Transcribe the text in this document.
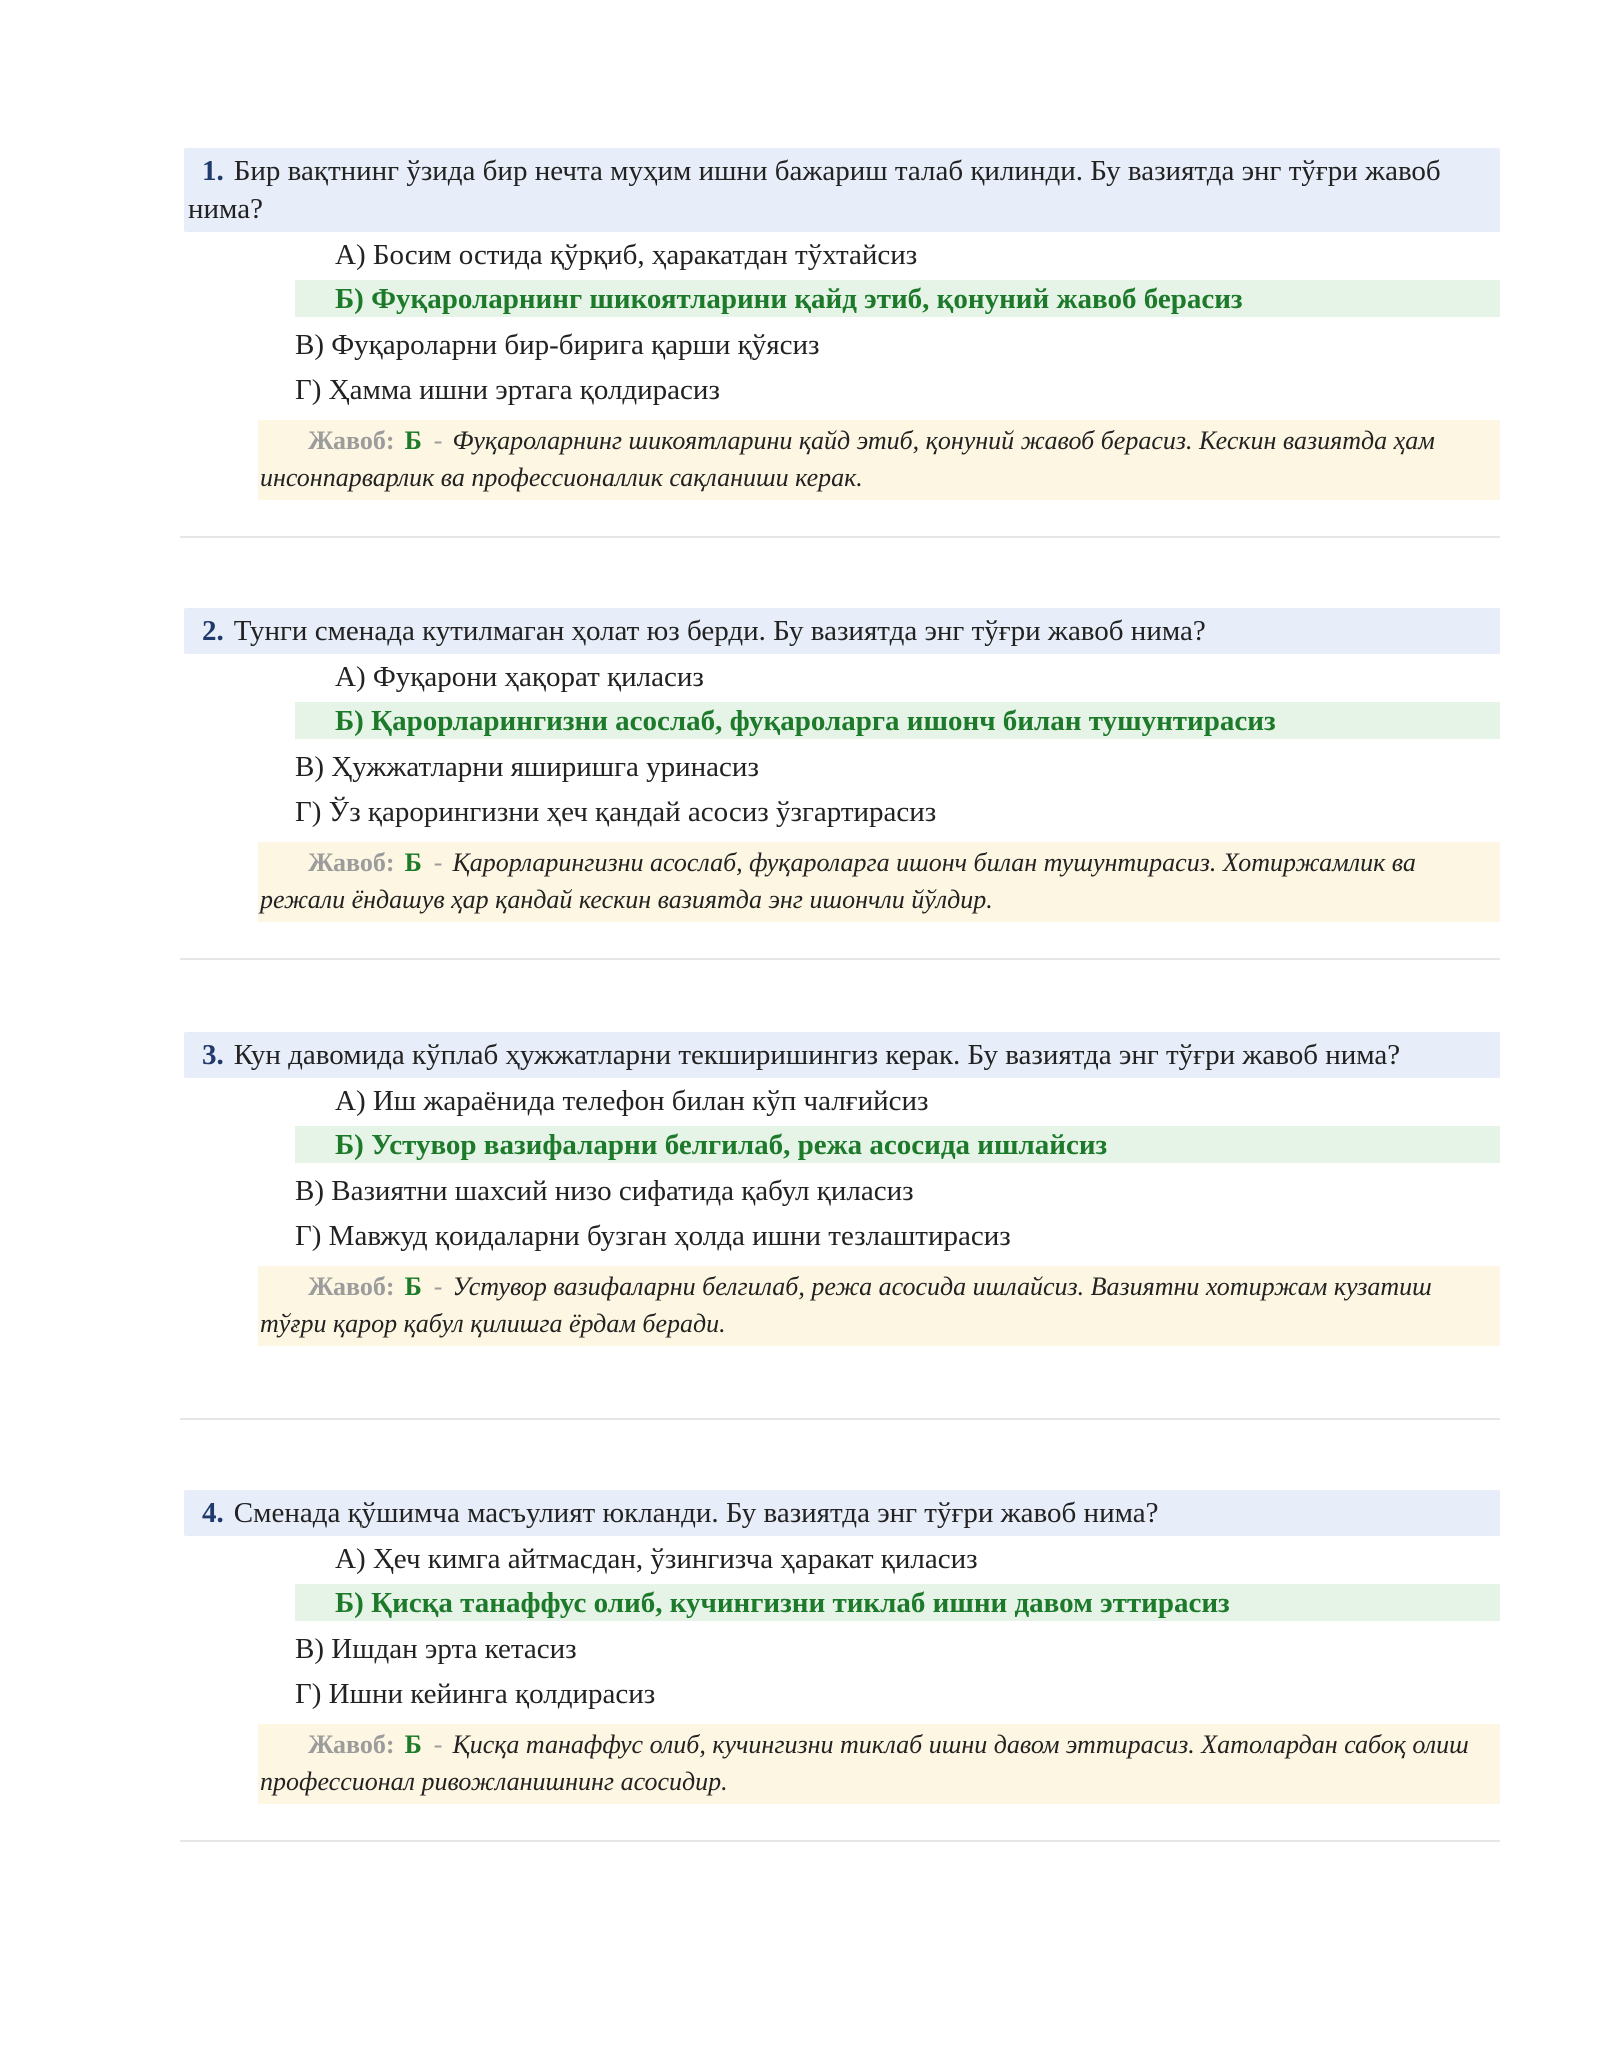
1. Бир вақтнинг ўзида бир нечта муҳим ишни бажариш талаб қилинди. Бу вазиятда энг тўғри жавоб нима?
А) Босим остида қўрқиб, ҳаракатдан тўхтайсиз
Б) Фуқароларнинг шикоятларини қайд этиб, қонуний жавоб берасиз
В) Фуқароларни бир-бирига қарши қўясиз
Г) Ҳамма ишни эртага қолдирасиз
Жавоб: Б - Фуқароларнинг шикоятларини қайд этиб, қонуний жавоб берасиз. Кескин вазиятда ҳам инсонпарварлик ва профессионаллик сақланиши керак.
2. Тунги сменада кутилмаган ҳолат юз берди. Бу вазиятда энг тўғри жавоб нима?
А) Фуқарони ҳақорат қиласиз
Б) Қарорларингизни асослаб, фуқароларга ишонч билан тушунтирасиз
В) Ҳужжатларни яширишга уринасиз
Г) Ўз қарорингизни ҳеч қандай асосиз ўзгартирасиз
Жавоб: Б - Қарорларингизни асослаб, фуқароларга ишонч билан тушунтирасиз. Хотиржамлик ва режали ёндашув ҳар қандай кескин вазиятда энг ишончли йўлдир.
3. Кун давомида кўплаб ҳужжатларни текширишингиз керак. Бу вазиятда энг тўғри жавоб нима?
А) Иш жараёнида телефон билан кўп чалғийсиз
Б) Устувор вазифаларни белгилаб, режа асосида ишлайсиз
В) Вазиятни шахсий низо сифатида қабул қиласиз
Г) Мавжуд қоидаларни бузган ҳолда ишни тезлаштирасиз
Жавоб: Б - Устувор вазифаларни белгилаб, режа асосида ишлайсиз. Вазиятни хотиржам кузатиш тўғри қарор қабул қилишга ёрдам беради.
4. Сменада қўшимча масъулият юкланди. Бу вазиятда энг тўғри жавоб нима?
А) Ҳеч кимга айтмасдан, ўзингизча ҳаракат қиласиз
Б) Қисқа танаффус олиб, кучингизни тиклаб ишни давом эттирасиз
В) Ишдан эрта кетасиз
Г) Ишни кейинга қолдирасиз
Жавоб: Б - Қисқа танаффус олиб, кучингизни тиклаб ишни давом эттирасиз. Хатолардан сабоқ олиш профессионал ривожланишнинг асосидир.
